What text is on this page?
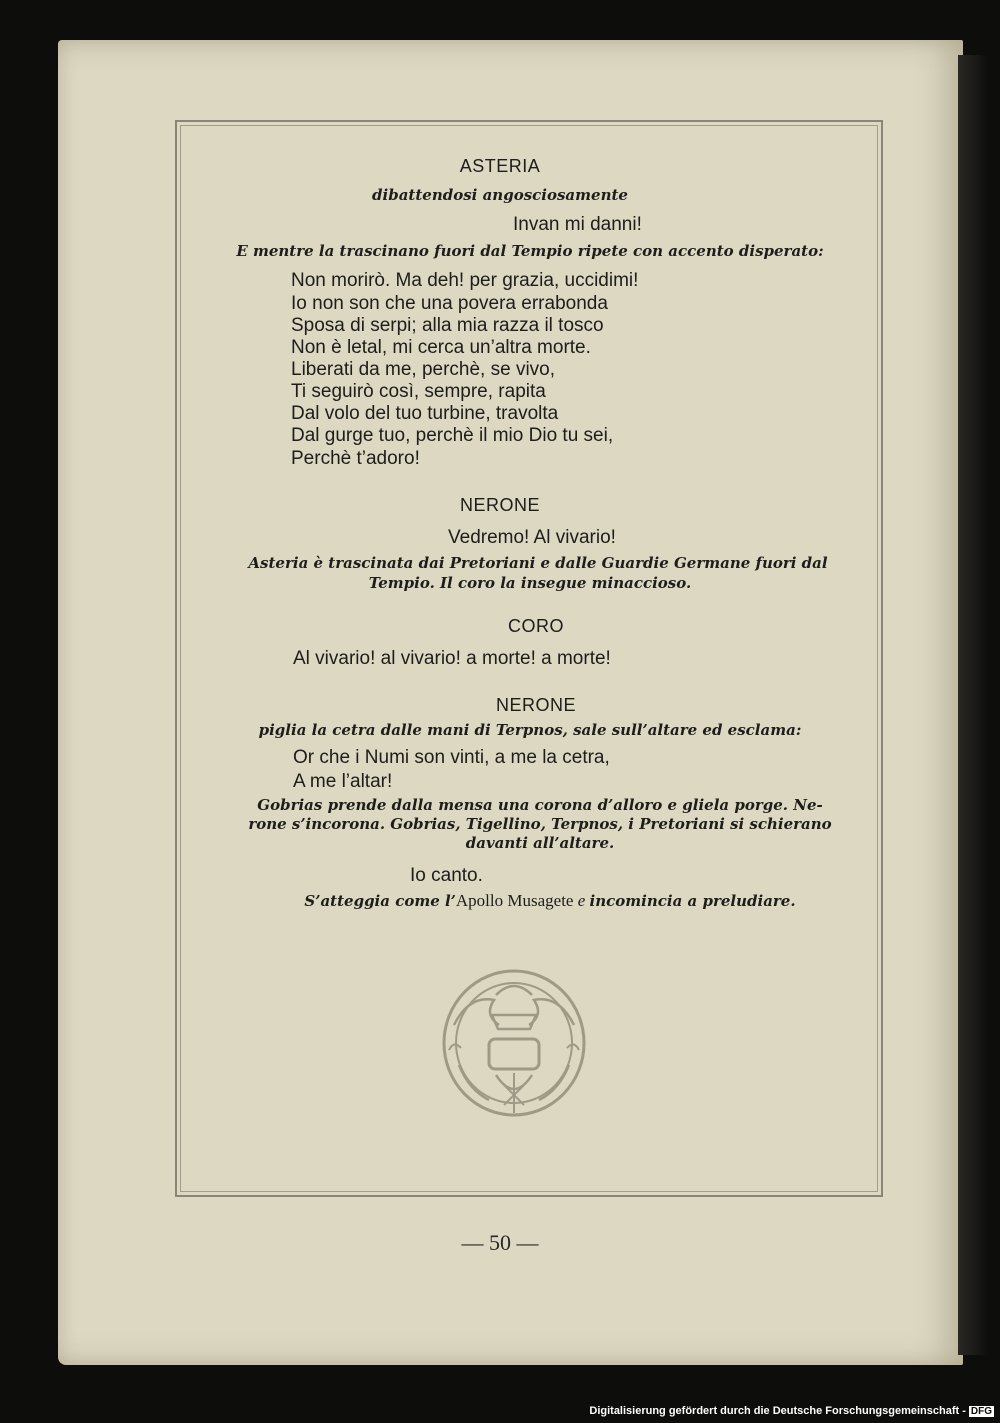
ASTERIA
dibattendosi angosciosamente
Invan mi danni!
E mentre la trascinano fuori dal Tempio ripete con accento disperato:
Non morirò. Ma deh! per grazia, uccidimi!
Io non son che una povera errabonda
Sposa di serpi; alla mia razza il tosco
Non è letal, mi cerca un’altra morte.
Liberati da me, perchè, se vivo,
Ti seguirò così, sempre, rapita
Dal volo del tuo turbine, travolta
Dal gurge tuo, perchè il mio Dio tu sei,
Perchè t’adoro!
NERONE
Vedremo! Al vivario!
Asteria è trascinata dai Pretoriani e dalle Guardie Germane fuori dal
Tempio. Il coro la insegue minaccioso.
CORO
Al vivario! al vivario! a morte! a morte!
NERONE
piglia la cetra dalle mani di Terpnos, sale sull’altare ed esclama:
Or che i Numi son vinti, a me la cetra,
A me l’altar!
Gobrias prende dalla mensa una corona d’alloro e gliela porge. Ne-
rone s’incorona. Gobrias, Tigellino, Terpnos, i Pretoriani si schierano
davanti all’altare.
Io canto.
S’atteggia come l’Apollo Musagete e incomincia a preludiare.
— 50 —
Digitalisierung gefördert durch die Deutsche Forschungsgemeinschaft - DFG
